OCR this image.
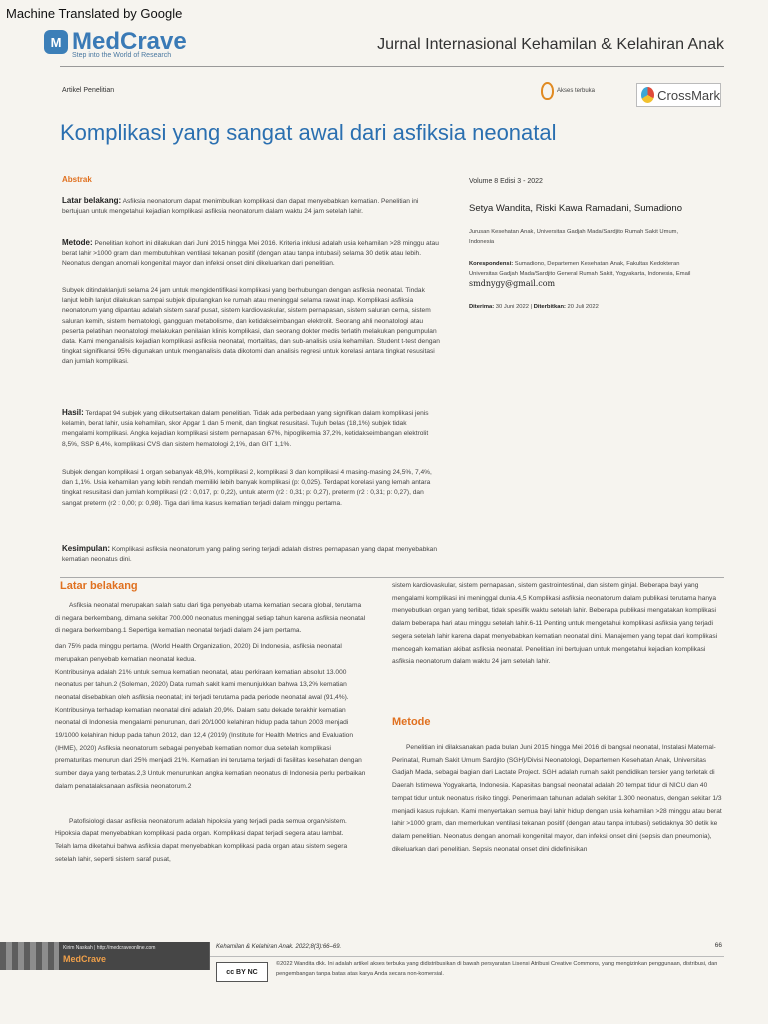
Machine Translated by Google
M MedCrave
Step into the World of Research
Jurnal Internasional Kehamilan & Kelahiran Anak
Artikel Penelitian	Akses terbuka	CrossMark
Komplikasi yang sangat awal dari asfiksia neonatal
Abstrak
Latar belakang: Asfiksia neonatorum dapat menimbulkan komplikasi dan dapat menyebabkan kematian. Penelitian ini bertujuan untuk mengetahui kejadian komplikasi asfiksia neonatorum dalam waktu 24 jam setelah lahir.
Metode: Penelitian kohort ini dilakukan dari Juni 2015 hingga Mei 2016. Kriteria inklusi adalah usia kehamilan >28 minggu atau berat lahir >1000 gram dan membutuhkan ventilasi tekanan positif (dengan atau tanpa intubasi) selama 30 detik atau lebih. Neonatus dengan anomali kongenital mayor dan infeksi onset dini dikeluarkan dari penelitian.
Subyek ditindaklanjuti selama 24 jam untuk mengidentifikasi komplikasi yang berhubungan dengan asfiksia neonatal. Tindak lanjut lebih lanjut dilakukan sampai subjek dipulangkan ke rumah atau meninggal selama rawat inap. Komplikasi asfiksia neonatorum yang dipantau adalah sistem saraf pusat, sistem kardiovaskular, sistem pernapasan, sistem saluran cerna, sistem saluran kemih, sistem hematologi, gangguan metabolisme, dan ketidakseimbangan elektrolit. Seorang ahli neonatologi atau peserta pelatihan neonatologi melakukan penilaian klinis komplikasi, dan seorang dokter medis terlatih melakukan pengumpulan data. Kami menganalisis kejadian komplikasi asfiksia neonatal, mortalitas, dan sub-analisis usia kehamilan. Student t-test dengan tingkat signifikansi 95% digunakan untuk menganalisis data dikotomi dan analisis regresi untuk korelasi antara tingkat resusitasi dan jumlah komplikasi.
Hasil: Terdapat 94 subjek yang diikutsertakan dalam penelitian. Tidak ada perbedaan yang signifikan dalam komplikasi jenis kelamin, berat lahir, usia kehamilan, skor Apgar 1 dan 5 menit, dan tingkat resusitasi. Tujuh belas (18,1%) subjek tidak mengalami komplikasi. Angka kejadian komplikasi sistem pernapasan 67%, hipoglikemia 37,2%, ketidakseimbangan elektrolit 8,5%, SSP 6,4%, komplikasi CVS dan sistem hematologi 2,1%, dan GIT 1,1%.
Subjek dengan komplikasi 1 organ sebanyak 48,9%, komplikasi 2, komplikasi 3 dan komplikasi 4 masing-masing 24,5%, 7,4%, dan 1,1%. Usia kehamilan yang lebih rendah memiliki lebih banyak komplikasi (p: 0,025). Terdapat korelasi yang lemah antara tingkat resusitasi dan jumlah komplikasi (r2 : 0,017, p: 0,22), untuk aterm (r2 : 0,31; p: 0,27), preterm (r2 : 0,31; p: 0,27), dan sangat preterm (r2 : 0,00; p: 0,98). Tiga dari lima kasus kematian terjadi dalam minggu pertama.
Kesimpulan: Komplikasi asfiksia neonatorum yang paling sering terjadi adalah distres pernapasan yang dapat menyebabkan kematian neonatus dini.
Volume 8 Edisi 3 - 2022
Setya Wandita, Riski Kawa Ramadani, Sumadiono
Jurusan Kesehatan Anak, Universitas Gadjah Mada/Sardjito Rumah Sakit Umum, Indonesia
Korespondensi: Sumadiono, Departemen Kesehatan Anak, Fakultas Kedokteran Universitas Gadjah Mada/Sardjito General Rumah Sakit, Yogyakarta, Indonesia, Email smdnygy@gmail.com
Diterima: 30 Juni 2022 | Diterbitkan: 20 Juli 2022
Latar belakang

Asfiksia neonatal merupakan salah satu dari tiga penyebab utama kematian secara global, terutama di negara berkembang, dimana sekitar 700.000 neonatus meninggal setiap tahun karena asfiksia neonatal di negara berkembang.1 Sepertiga kematian neonatal terjadi dalam 24 jam pertama.

dan 75% pada minggu pertama. (World Health Organization, 2020) Di Indonesia, asfiksia neonatal merupakan penyebab kematian neonatal kedua.

Kontribusinya adalah 21% untuk semua kematian neonatal, atau perkiraan kematian absolut 13.000 neonatus per tahun.2 (Soleman, 2020) Data rumah sakit kami menunjukkan bahwa 13,2% kematian neonatal disebabkan oleh asfiksia neonatal; ini terjadi terutama pada periode neonatal awal (91,4%).

Kontribusinya terhadap kematian neonatal dini adalah 20,9%. Dalam satu dekade terakhir kematian neonatal di Indonesia mengalami penurunan, dari 20/1000 kelahiran hidup pada tahun 2003 menjadi 19/1000 kelahiran hidup pada tahun 2012, dan 12,4 (2019) (Institute for Health Metrics and Evaluation (IHME), 2020) Asfiksia neonatorum sebagai penyebab kematian nomor dua setelah komplikasi prematuritas menurun dari 25% menjadi 21%. Kematian ini terutama terjadi di fasilitas kesehatan dengan sumber daya yang terbatas.2,3 Untuk menurunkan angka kematian neonatus di Indonesia perlu perbaikan dalam penatalaksanaan asfiksia neonatorum.2

Patofisiologi dasar asfiksia neonatorum adalah hipoksia yang terjadi pada semua organ/sistem. Hipoksia dapat menyebabkan komplikasi pada organ. Komplikasi dapat terjadi segera atau lambat.

Telah lama diketahui bahwa asfiksia dapat menyebabkan komplikasi pada organ atau sistem segera setelah lahir, seperti sistem saraf pusat,

sistem kardiovaskular, sistem pernapasan, sistem gastrointestinal, dan sistem ginjal. Beberapa bayi yang mengalami komplikasi ini meninggal dunia.4,5 Komplikasi asfiksia neonatorum dalam publikasi terutama hanya menyebutkan organ yang terlibat, tidak spesifik waktu setelah lahir. Beberapa publikasi mengatakan komplikasi dalam beberapa hari atau minggu setelah lahir.6-11 Penting untuk mengetahui komplikasi asfiksia yang terjadi segera setelah lahir karena dapat menyebabkan kematian neonatal dini. Manajemen yang tepat dari komplikasi mencegah kematian akibat asfiksia neonatal. Penelitian ini bertujuan untuk mengetahui kejadian komplikasi asfiksia neonatorum dalam waktu 24 jam setelah lahir.

Metode

Penelitian ini dilaksanakan pada bulan Juni 2015 hingga Mei 2016 di bangsal neonatal, Instalasi Maternal-Perinatal, Rumah Sakit Umum Sardjito (SGH)/Divisi Neonatologi, Departemen Kesehatan Anak, Universitas Gadjah Mada, sebagai bagian dari Lactate Project. SGH adalah rumah sakit pendidikan tersier yang terletak di Daerah Istimewa Yogyakarta, Indonesia. Kapasitas bangsal neonatal adalah 20 tempat tidur di NICU dan 40 tempat tidur untuk neonatus risiko tinggi. Penerimaan tahunan adalah sekitar 1.300 neonatus, dengan sekitar 1/3 menjadi kasus rujukan. Kami menyertakan semua bayi lahir hidup dengan usia kehamilan >28 minggu atau berat lahir >1000 gram, dan memerlukan ventilasi tekanan positif (dengan atau tanpa intubasi) setidaknya 30 detik ke dalam penelitian. Neonatus dengan anomali kongenital mayor, dan infeksi onset dini (sepsis dan pneumonia), dikeluarkan dari penelitian. Sepsis neonatal onset dini didefinisikan

Kirim Naskah | http://medcraveonline.com
MedCrave
Kehamilan & Kelahiran Anak. 2022;8(3):66‒69.	66
cc BY NC
©2022 Wandita dkk. Ini adalah artikel akses terbuka yang didistribusikan di bawah persyaratan Lisensi Atribusi Creative Commons, yang mengizinkan penggunaan, distribusi, dan pengembangan tanpa batas atas karya Anda secara non-komersial.
